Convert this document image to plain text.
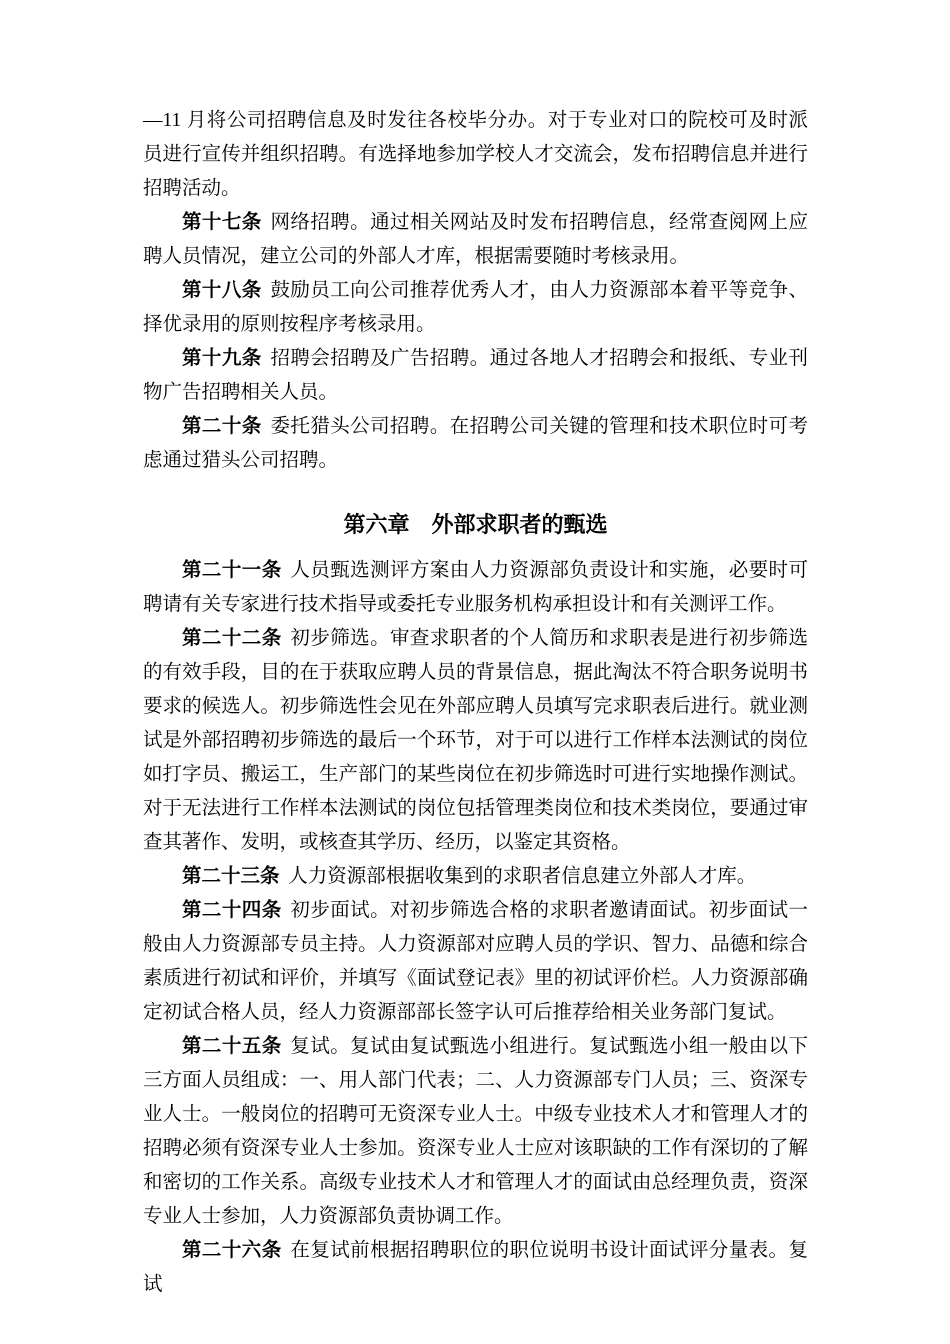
—11 月将公司招聘信息及时发往各校毕分办。对于专业对口的院校可及时派员进行宣传并组织招聘。有选择地参加学校人才交流会，发布招聘信息并进行招聘活动。

第十七条 网络招聘。通过相关网站及时发布招聘信息，经常查阅网上应聘人员情况，建立公司的外部人才库，根据需要随时考核录用。

第十八条 鼓励员工向公司推荐优秀人才，由人力资源部本着平等竞争、择优录用的原则按程序考核录用。

第十九条 招聘会招聘及广告招聘。通过各地人才招聘会和报纸、专业刊物广告招聘相关人员。

第二十条 委托猎头公司招聘。在招聘公司关键的管理和技术职位时可考虑通过猎头公司招聘。

第六章　外部求职者的甄选

第二十一条 人员甄选测评方案由人力资源部负责设计和实施，必要时可聘请有关专家进行技术指导或委托专业服务机构承担设计和有关测评工作。

第二十二条 初步筛选。审查求职者的个人简历和求职表是进行初步筛选的有效手段，目的在于获取应聘人员的背景信息，据此淘汰不符合职务说明书要求的候选人。初步筛选性会见在外部应聘人员填写完求职表后进行。就业测试是外部招聘初步筛选的最后一个环节，对于可以进行工作样本法测试的岗位如打字员、搬运工，生产部门的某些岗位在初步筛选时可进行实地操作测试。对于无法进行工作样本法测试的岗位包括管理类岗位和技术类岗位，要通过审查其著作、发明，或核查其学历、经历，以鉴定其资格。

第二十三条 人力资源部根据收集到的求职者信息建立外部人才库。

第二十四条 初步面试。对初步筛选合格的求职者邀请面试。初步面试一般由人力资源部专员主持。人力资源部对应聘人员的学识、智力、品德和综合素质进行初试和评价，并填写《面试登记表》里的初试评价栏。人力资源部确定初试合格人员，经人力资源部部长签字认可后推荐给相关业务部门复试。

第二十五条 复试。复试由复试甄选小组进行。复试甄选小组一般由以下三方面人员组成：一、用人部门代表；二、人力资源部专门人员；三、资深专业人士。一般岗位的招聘可无资深专业人士。中级专业技术人才和管理人才的招聘必须有资深专业人士参加。资深专业人士应对该职缺的工作有深切的了解和密切的工作关系。高级专业技术人才和管理人才的面试由总经理负责，资深专业人士参加，人力资源部负责协调工作。

第二十六条 在复试前根据招聘职位的职位说明书设计面试评分量表。复试
